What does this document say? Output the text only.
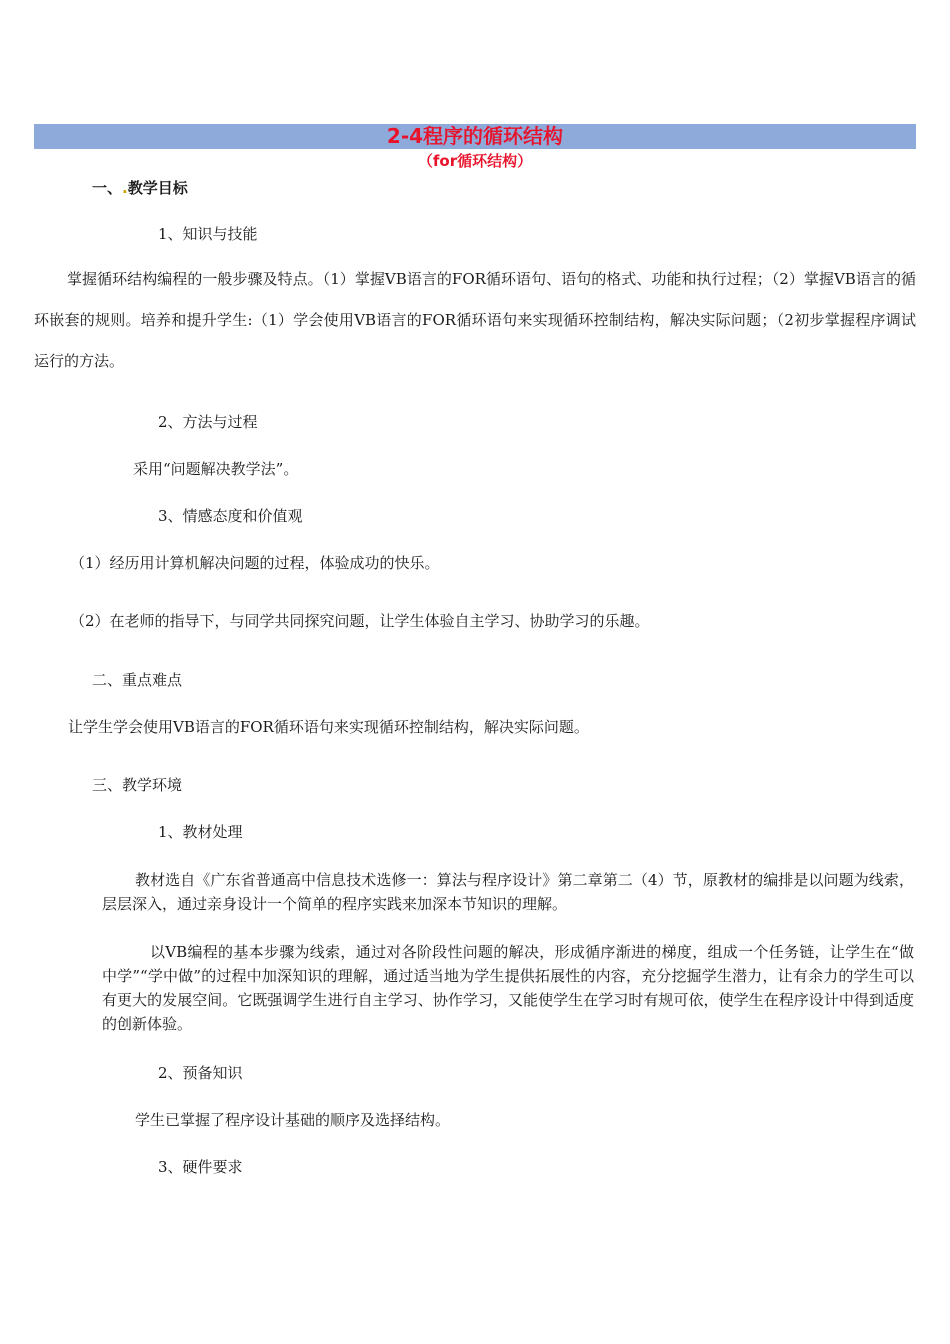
2-4程序的循环结构
（for循环结构）
一、.教学目标
1、知识与技能
掌握循环结构编程的一般步骤及特点。（1）掌握VB语言的FOR循环语句、语句的格式、功能和执行过程；（2）掌握VB语言的循环嵌套的规则。培养和提升学生:（1）学会使用VB语言的FOR循环语句来实现循环控制结构，解决实际问题；（2初步掌握程序调试运行的方法。
2、方法与过程
采用“问题解决教学法”。
3、情感态度和价值观
（1）经历用计算机解决问题的过程，体验成功的快乐。
（2）在老师的指导下，与同学共同探究问题，让学生体验自主学习、协助学习的乐趣。
二、重点难点
让学生学会使用VB语言的FOR循环语句来实现循环控制结构，解决实际问题。
三、教学环境
1、教材处理
教材选自《广东省普通高中信息技术选修一：算法与程序设计》第二章第二（4）节，原教材的编排是以问题为线索，层层深入，通过亲身设计一个简单的程序实践来加深本节知识的理解。
以VB编程的基本步骤为线索，通过对各阶段性问题的解决，形成循序渐进的梯度，组成一个任务链，让学生在“做中学”“学中做”的过程中加深知识的理解，通过适当地为学生提供拓展性的内容，充分挖掘学生潜力，让有余力的学生可以有更大的发展空间。它既强调学生进行自主学习、协作学习，又能使学生在学习时有规可依，使学生在程序设计中得到适度的创新体验。
2、预备知识
学生已掌握了程序设计基础的顺序及选择结构。
3、硬件要求
